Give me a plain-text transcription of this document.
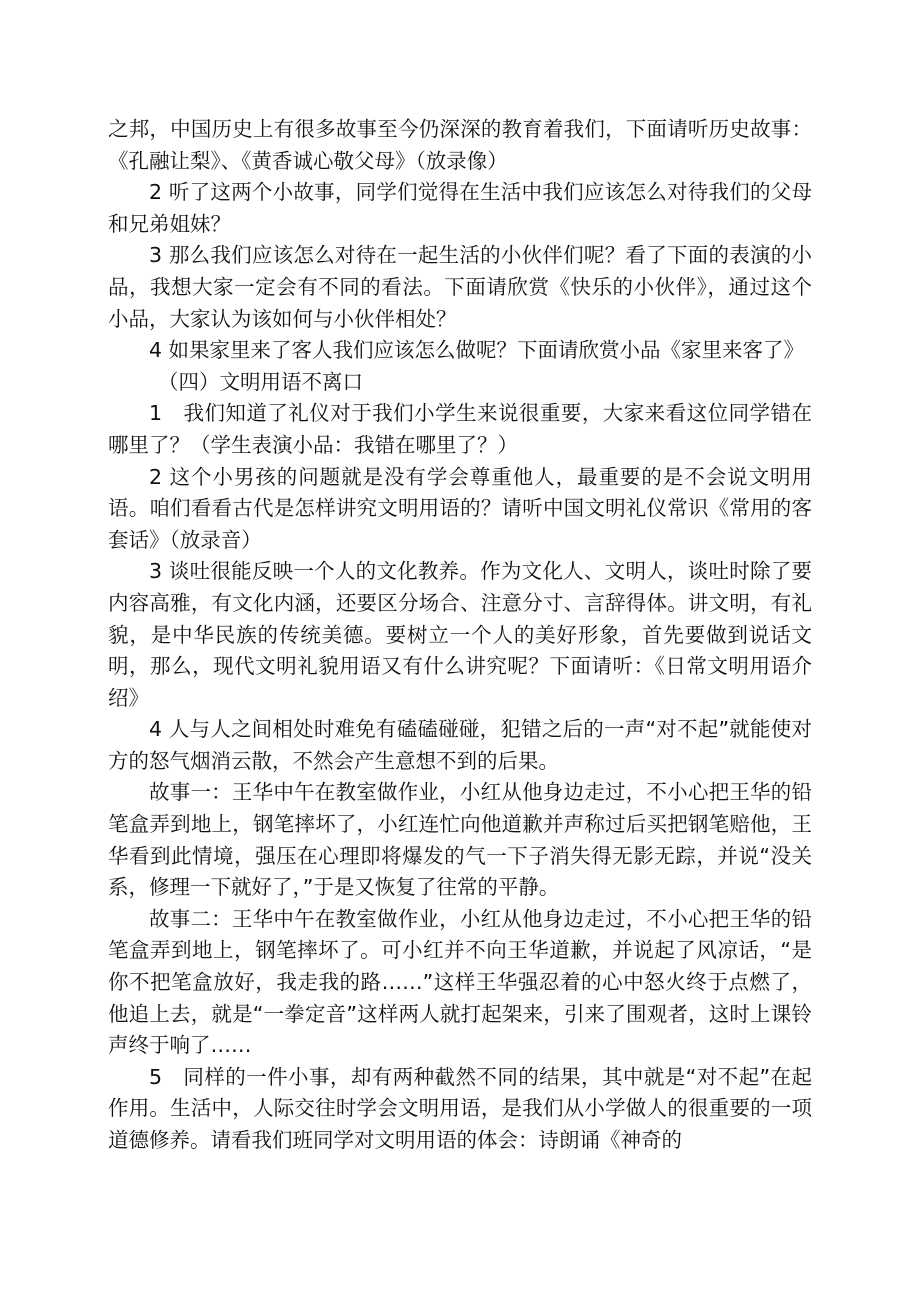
之邦，中国历史上有很多故事至今仍深深的教育着我们，下面请听历史故事：《孔融让梨》、《黄香诚心敬父母》（放录像）

2 听了这两个小故事，同学们觉得在生活中我们应该怎么对待我们的父母和兄弟姐妹？

3 那么我们应该怎么对待在一起生活的小伙伴们呢？看了下面的表演的小品，我想大家一定会有不同的看法。下面请欣赏《快乐的小伙伴》，通过这个小品，大家认为该如何与小伙伴相处？

4 如果家里来了客人我们应该怎么做呢？下面请欣赏小品《家里来客了》

（四）文明用语不离口

1　我们知道了礼仪对于我们小学生来说很重要，大家来看这位同学错在哪里了？（学生表演小品：我错在哪里了？）

2 这个小男孩的问题就是没有学会尊重他人，最重要的是不会说文明用语。咱们看看古代是怎样讲究文明用语的？请听中国文明礼仪常识《常用的客套话》（放录音）

3 谈吐很能反映一个人的文化教养。作为文化人、文明人，谈吐时除了要内容高雅，有文化内涵，还要区分场合、注意分寸、言辞得体。讲文明，有礼貌，是中华民族的传统美德。要树立一个人的美好形象，首先要做到说话文明，那么，现代文明礼貌用语又有什么讲究呢？下面请听：《日常文明用语介绍》

4 人与人之间相处时难免有磕磕碰碰，犯错之后的一声“对不起”就能使对方的怒气烟消云散，不然会产生意想不到的后果。

故事一：王华中午在教室做作业，小红从他身边走过，不小心把王华的铅笔盒弄到地上，钢笔摔坏了，小红连忙向他道歉并声称过后买把钢笔赔他，王华看到此情境，强压在心理即将爆发的气一下子消失得无影无踪，并说“没关系，修理一下就好了，”于是又恢复了往常的平静。

故事二：王华中午在教室做作业，小红从他身边走过，不小心把王华的铅笔盒弄到地上，钢笔摔坏了。可小红并不向王华道歉，并说起了风凉话，“是你不把笔盒放好，我走我的路……”这样王华强忍着的心中怒火终于点燃了，他追上去，就是“一拳定音”这样两人就打起架来，引来了围观者，这时上课铃声终于响了……

5　同样的一件小事，却有两种截然不同的结果，其中就是“对不起”在起作用。生活中，人际交往时学会文明用语，是我们从小学做人的很重要的一项道德修养。请看我们班同学对文明用语的体会：诗朗诵《神奇的
